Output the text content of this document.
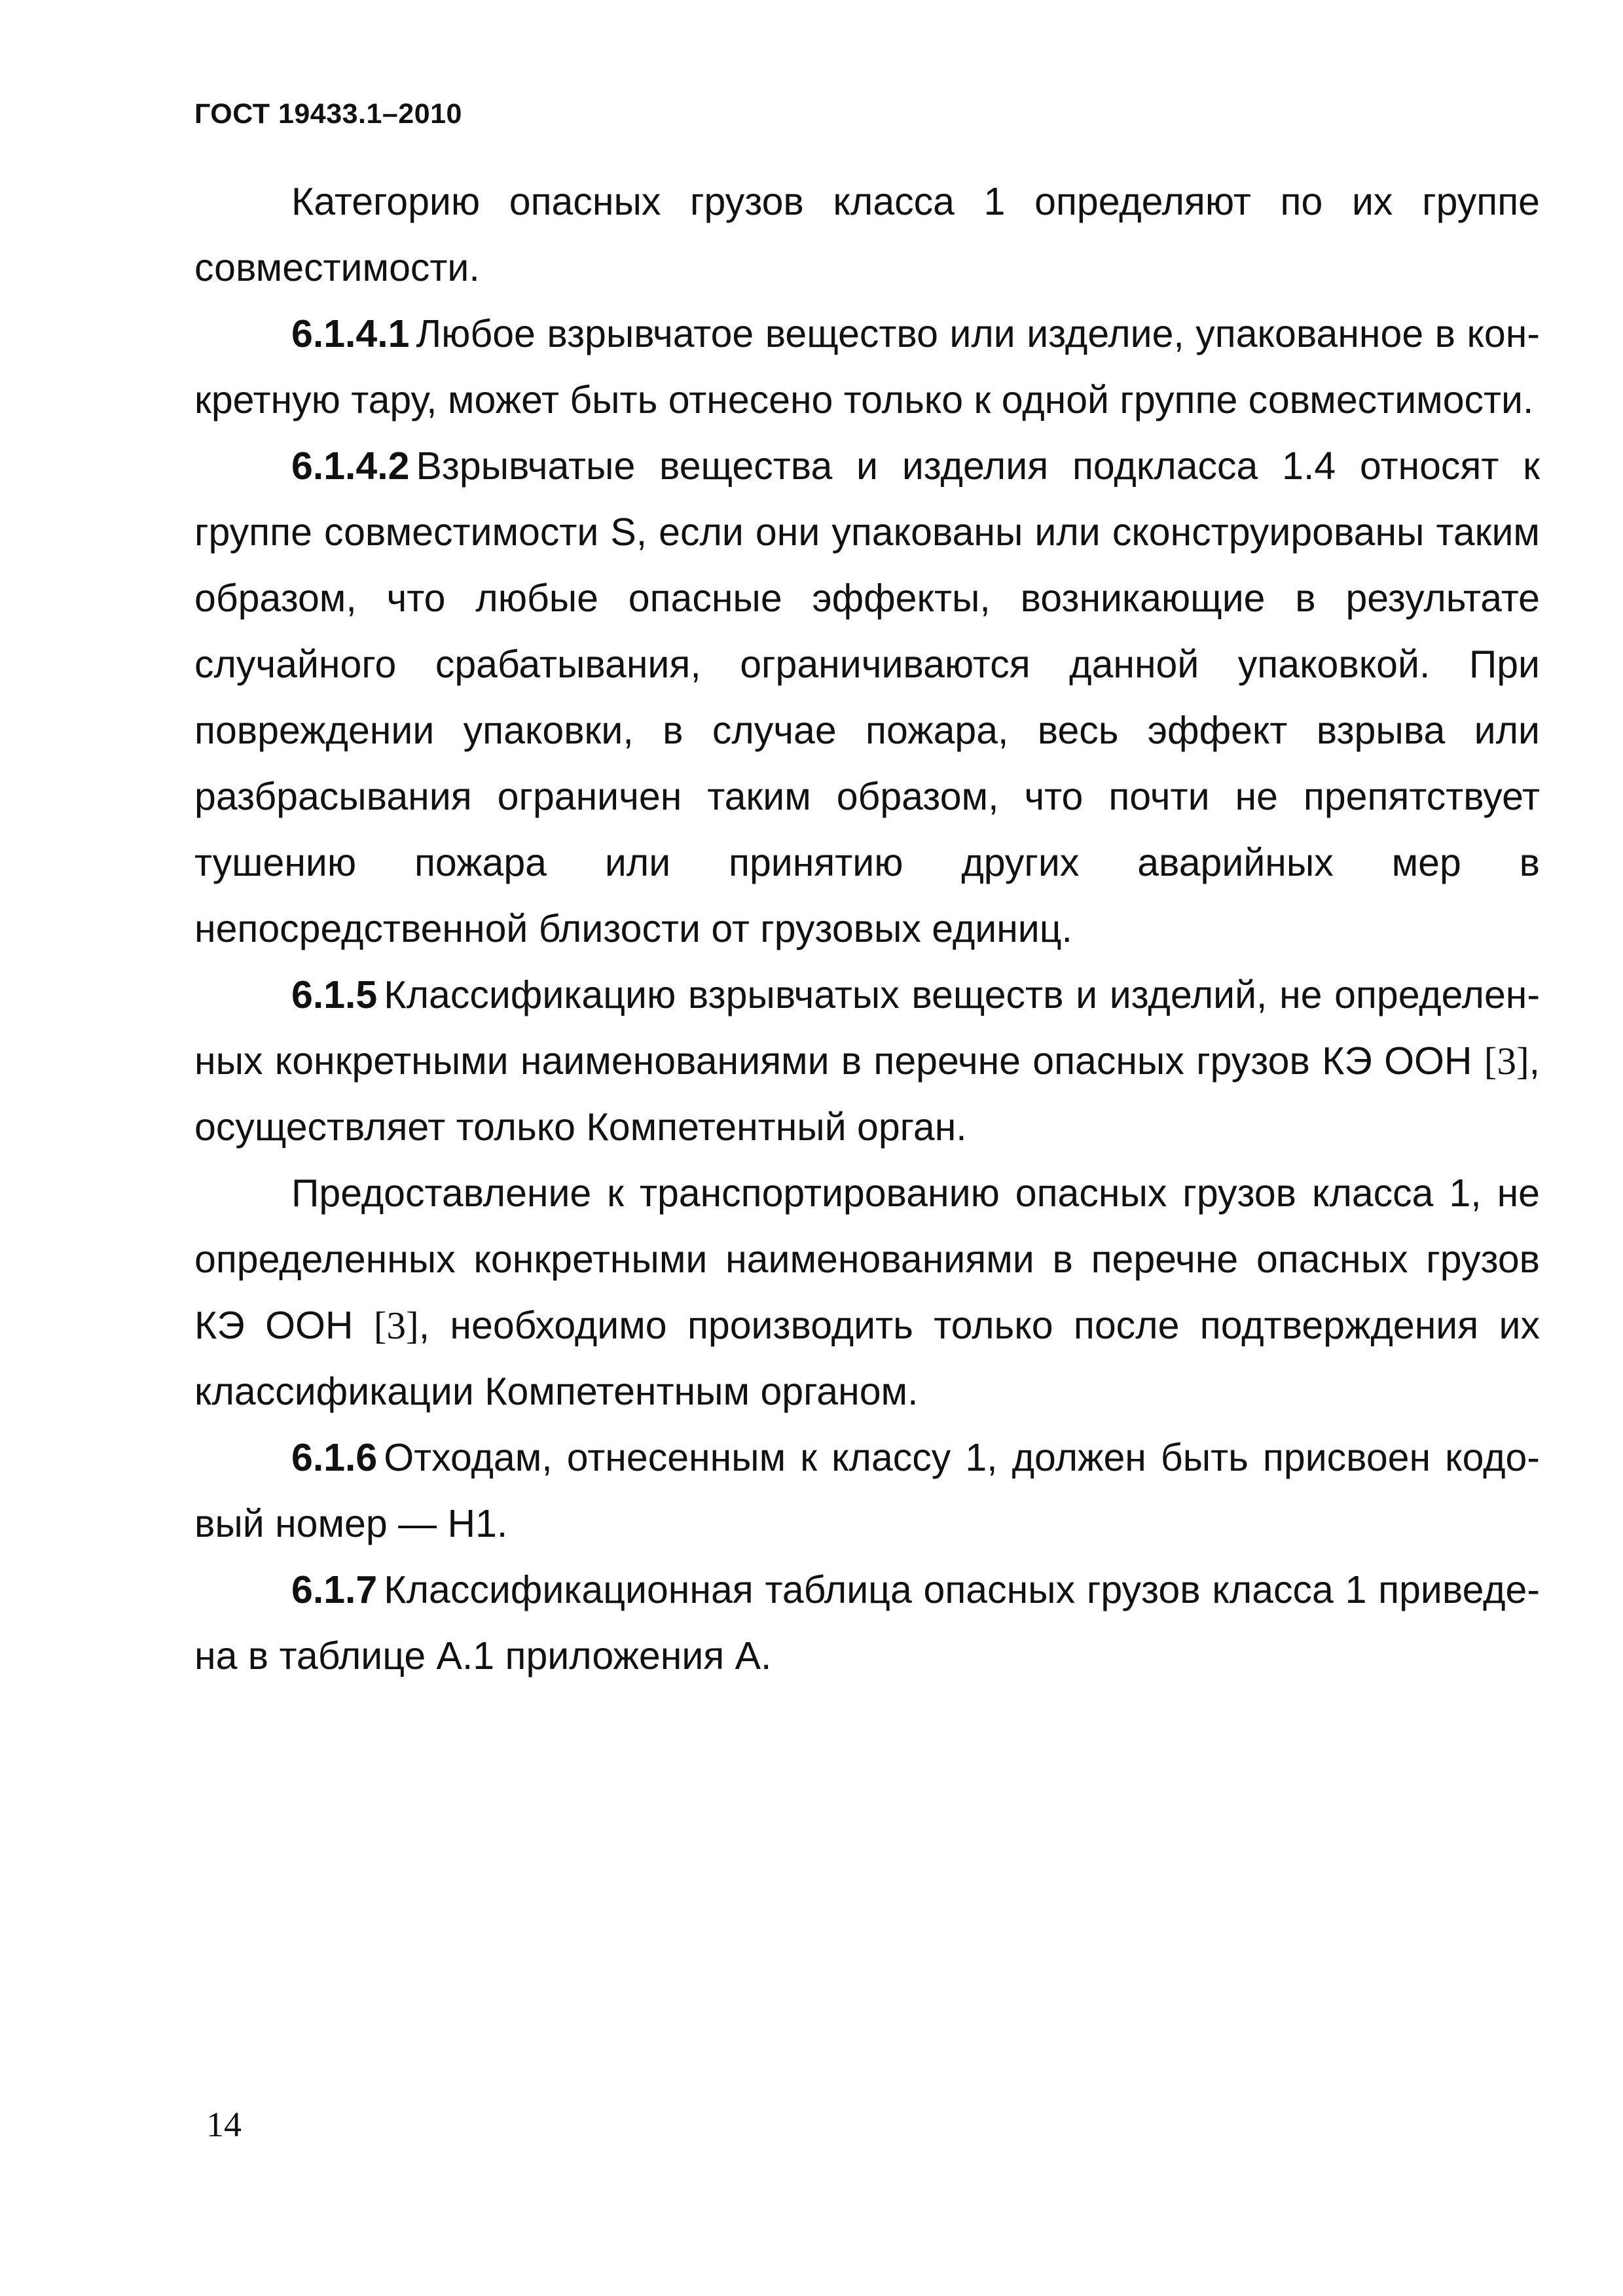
ГОСТ 19433.1–2010

Категорию опасных грузов класса 1 определяют по их группе совместимости.

6.1.4.1 Любое взрывчатое вещество или изделие, упакованное в конкретную тару, может быть отнесено только к одной группе совместимости.

6.1.4.2 Взрывчатые вещества и изделия подкласса 1.4 относят к группе совместимости S, если они упакованы или сконструированы таким образом, что любые опасные эффекты, возникающие в результате случайного срабатывания, ограничиваются данной упаковкой. При повреждении упаковки, в случае пожара, весь эффект взрыва или разбрасывания ограничен таким образом, что почти не препятствует тушению пожара или принятию других аварийных мер в непосредственной близости от грузовых единиц.

6.1.5 Классификацию взрывчатых веществ и изделий, не определенных конкретными наименованиями в перечне опасных грузов КЭ ООН [3], осуществляет только Компетентный орган.

Предоставление к транспортированию опасных грузов класса 1, не определенных конкретными наименованиями в перечне опасных грузов КЭ ООН [3], необходимо производить только после подтверждения их классификации Компетентным органом.

6.1.6 Отходам, отнесенным к классу 1, должен быть присвоен кодовый номер — Н1.

6.1.7 Классификационная таблица опасных грузов класса 1 приведена в таблице А.1 приложения А.

14
